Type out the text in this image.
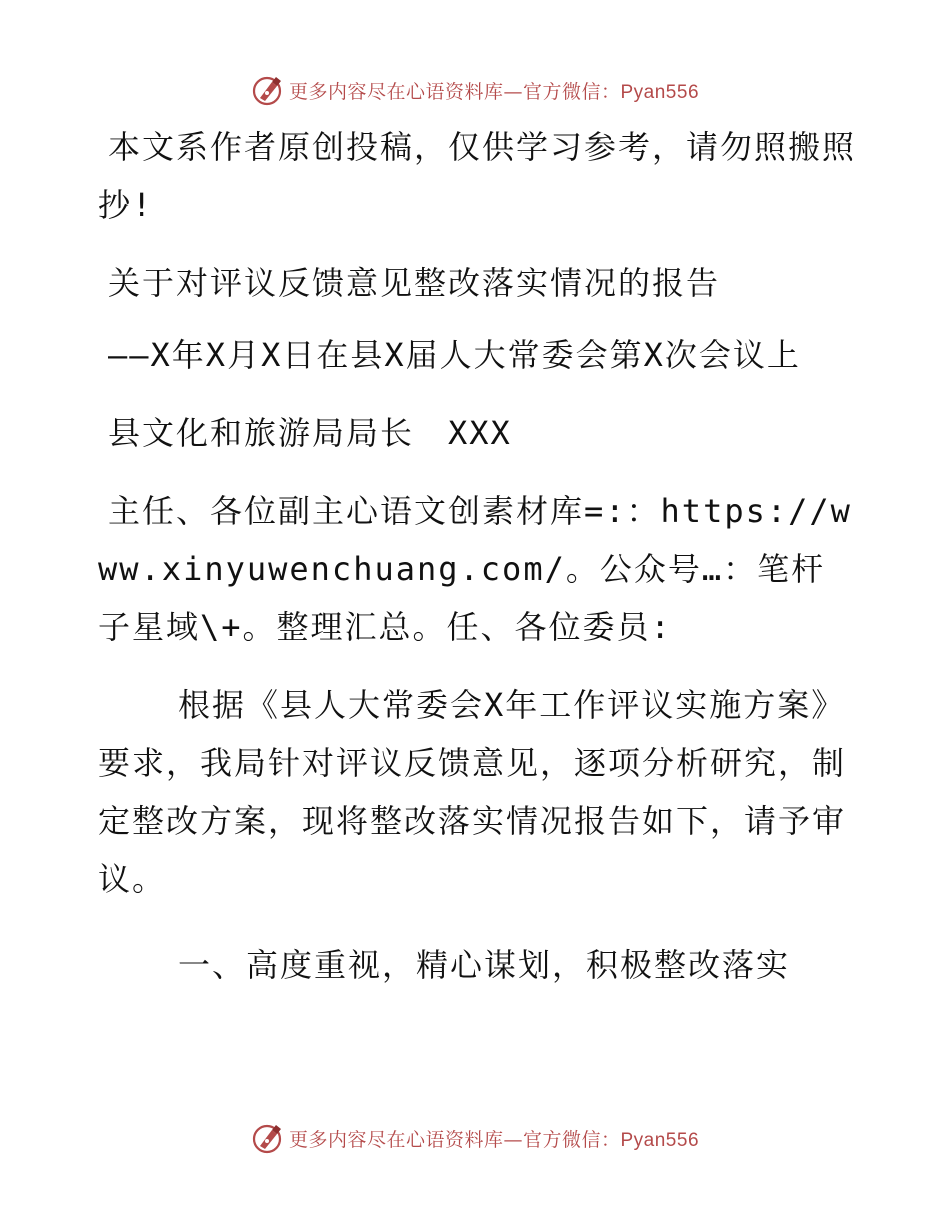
更多内容尽在心语资料库—官方微信：Pyan556

本文系作者原创投稿，仅供学习参考，请勿照搬照抄!

关于对评议反馈意见整改落实情况的报告

——X年X月X日在县X届人大常委会第X次会议上

县文化和旅游局局长　XXX

主任、各位副主心语文创素材库=:：https://www.xinyuwenchuang.com/。公众号…：笔杆子星域\+。整理汇总。任、各位委员:

根据《县人大常委会X年工作评议实施方案》要求，我局针对评议反馈意见，逐项分析研究，制定整改方案，现将整改落实情况报告如下，请予审议。

一、高度重视，精心谋划，积极整改落实

更多内容尽在心语资料库—官方微信：Pyan556
